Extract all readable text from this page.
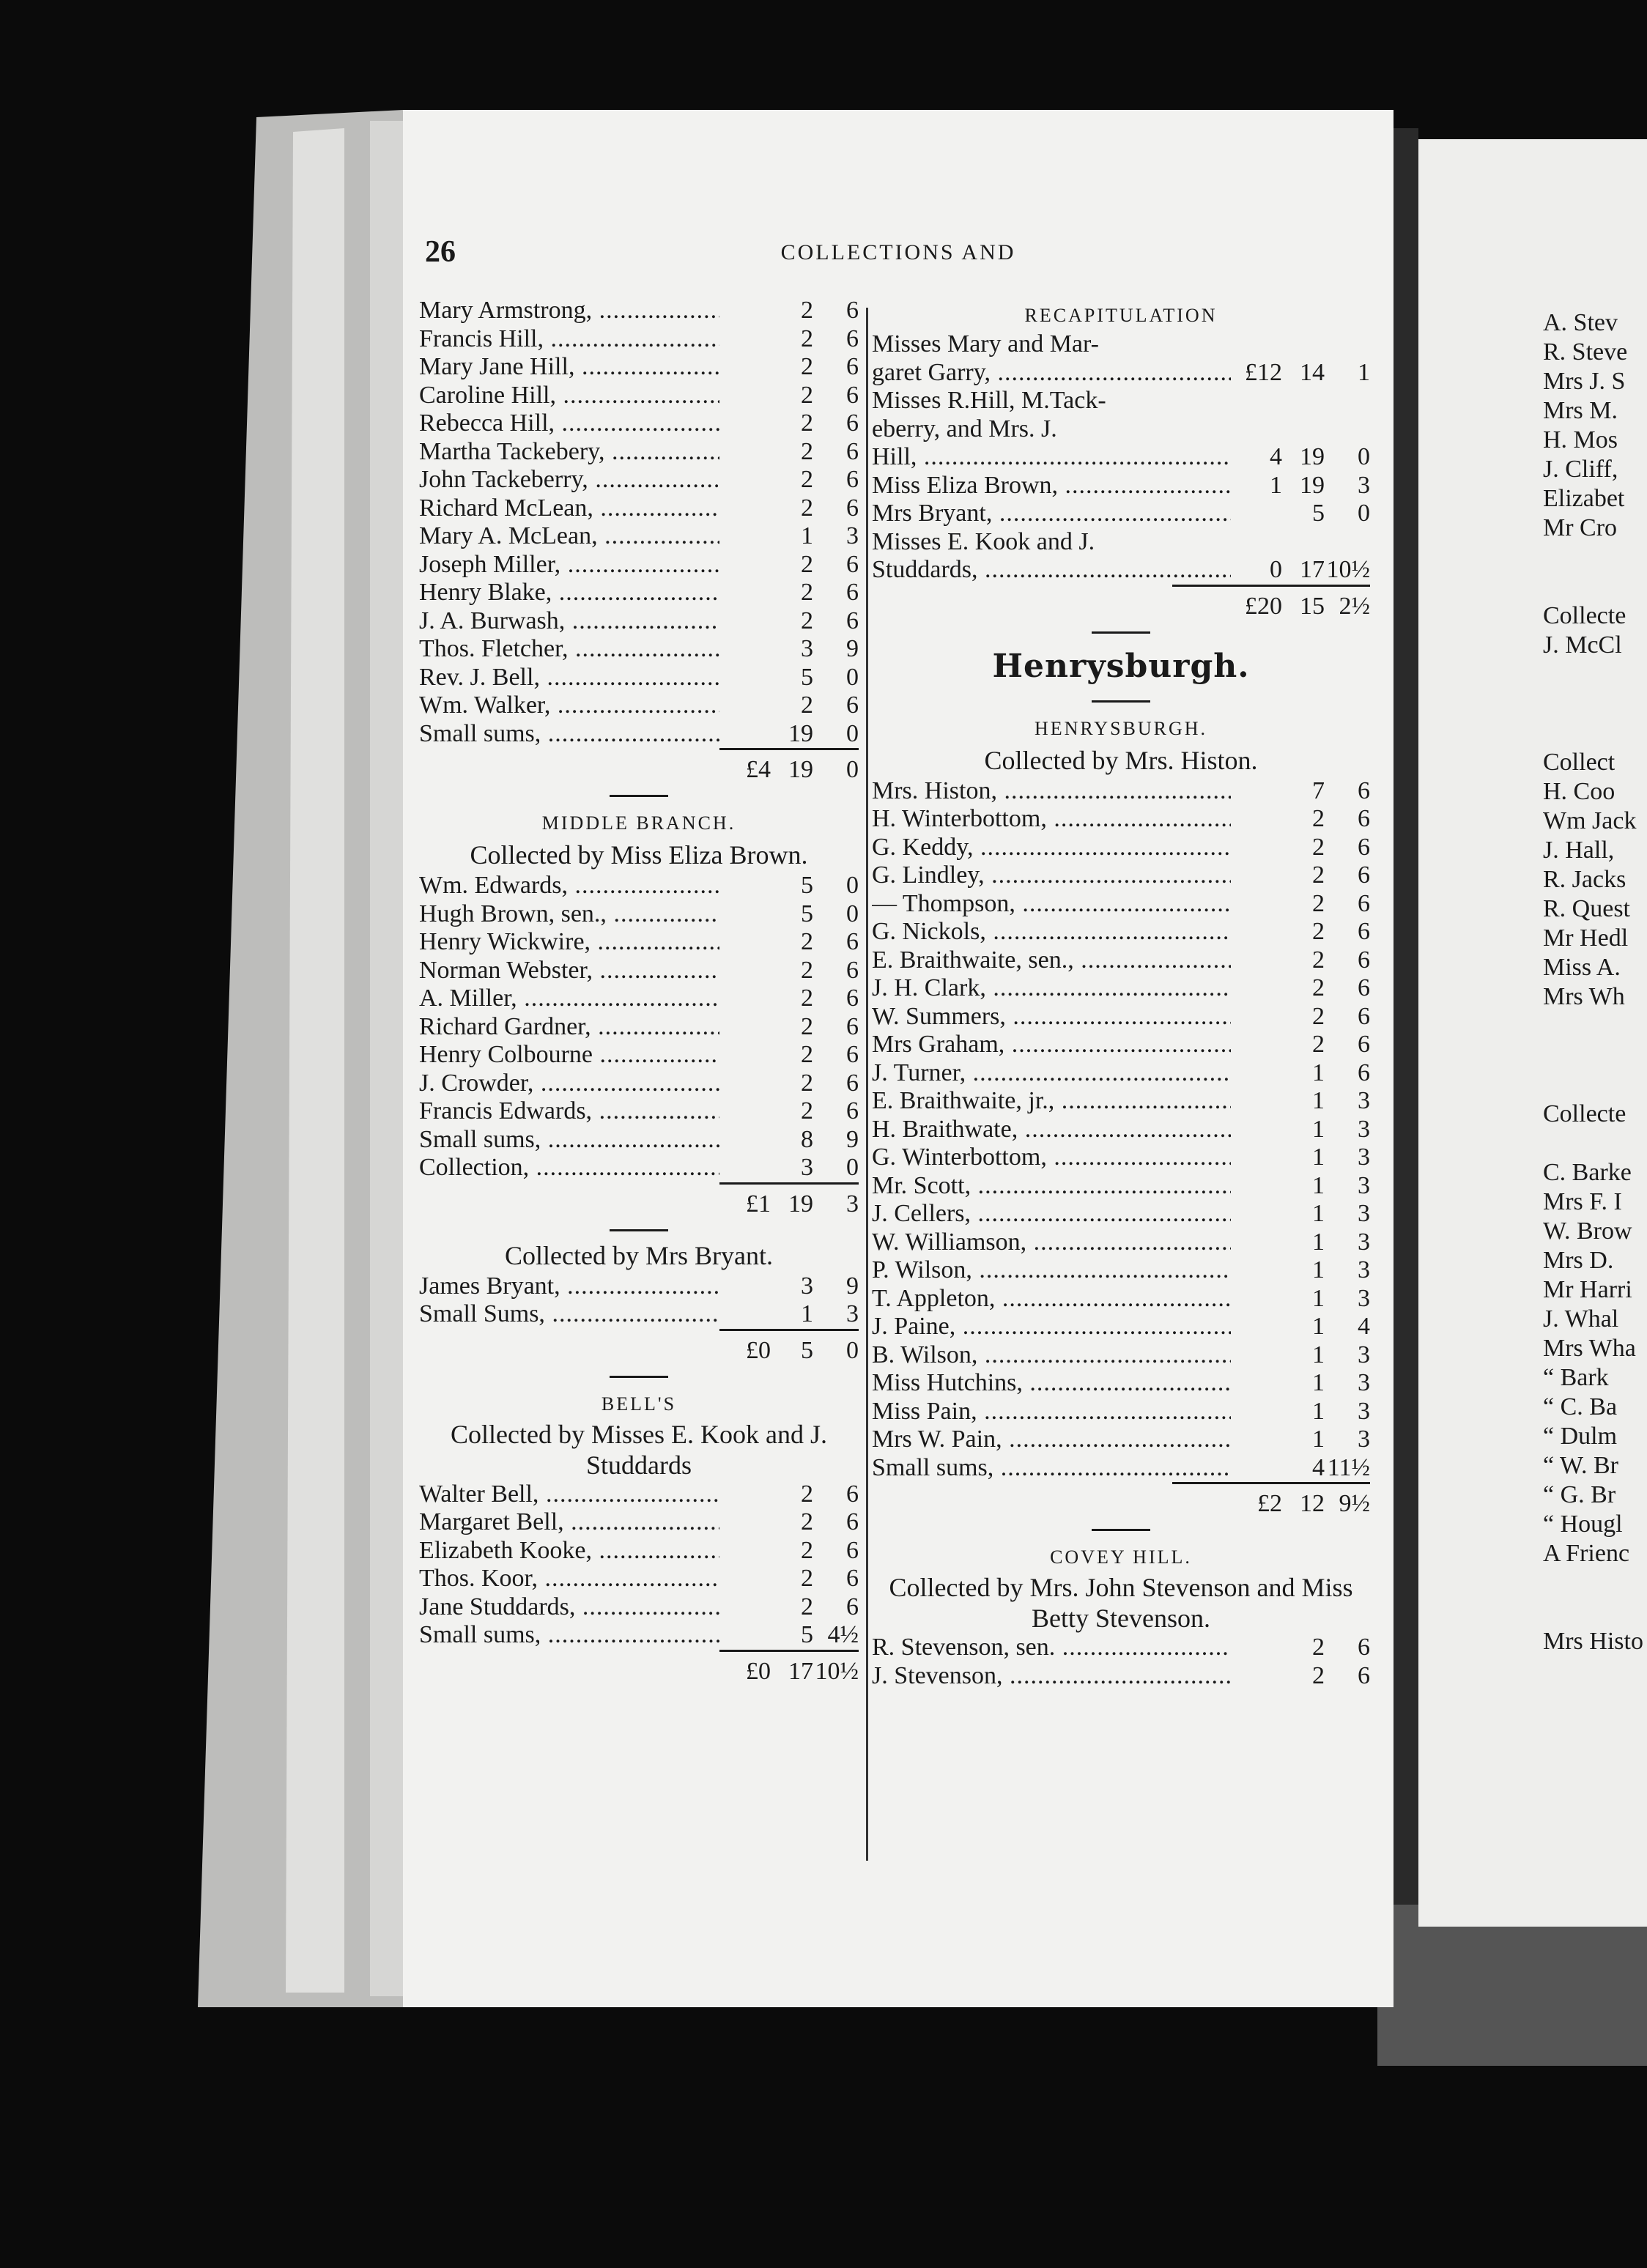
26	COLLECTIONS AND
Mary Armstrong, .....	2	6
Francis Hill, .....	2	6
Mary Jane Hill, .....	2	6
Caroline Hill, .....	2	6
Rebecca Hill, .....	2	6
Martha Tackebery, .....	2	6
John Tackeberry, .....	2	6
Richard McLean, .....	2	6
Mary A. McLean, .....	1	3
Joseph Miller, .....	2	6
Henry Blake, .....	2	6
J. A. Burwash, .....	2	6
Thos. Fletcher, .....	3	9
Rev. J. Bell, .....	5	0
Wm. Walker, .....	2	6
Small sums, .....	19	0
£4 19	0
MIDDLE BRANCH.
Collected by Miss Eliza Brown.
Wm. Edwards, .....	5	0
Hugh Brown, sen., .....	5	0
Henry Wickwire, .....	2	6
Norman Webster, .....	2	6
A. Miller, .....	2	6
Richard Gardner, .....	2	6
Henry Colbourne .....	2	6
J. Crowder, .....	2	6
Francis Edwards, .....	2	6
Small sums, .....	8	9
Collection, .....	3	0
£1 19	3
Collected by Mrs Bryant.
James Bryant, .....	3	9
Small Sums, .....	1	3
£0	5	0
BELL'S
Collected by Misses E. Kook and J. Studdards
Walter Bell, .....	2	6
Margaret Bell, .....	2	6
Elizabeth Kooke, .....	2	6
Thos. Koor, .....	2	6
Jane Studdards, .....	2	6
Small sums, .....	5 4½
£0 17 10½
RECAPITULATION
Misses Mary and Mar-
garet Garry, .....	£12 14	1
Misses R.Hill, M.Tack-
eberry, and Mrs. J.
Hill, .....	4 19	0
Miss Eliza Brown, .....	1 19	3
Mrs Bryant, .....	5	0
Misses E. Kook and J.
Studdards, .....	0 17 10½
£20 15 2½
Henrysburgh.
HENRYSBURGH.
Collected by Mrs. Histon.
Mrs. Histon, .....	7	6
H. Winterbottom, .....	2	6
G. Keddy, .....	2	6
G. Lindley, .....	2	6
— Thompson, .....	2	6
G. Nickols, .....	2	6
E. Braithwaite, sen., .....	2	6
J. H. Clark, .....	2	6
W. Summers, .....	2	6
Mrs Graham, .....	2	6
J. Turner, .....	1	6
E. Braithwaite, jr., .....	1	3
H. Braithwate, .....	1	3
G. Winterbottom, .....	1	3
Mr. Scott, .....	1	3
J. Cellers, .....	1	3
W. Williamson, .....	1	3
P. Wilson, .....	1	3
T. Appleton, .....	1	3
J. Paine, .....	1	4
B. Wilson, .....	1	3
Miss Hutchins, .....	1	3
Miss Pain, .....	1	3
Mrs W. Pain, .....	1	3
Small sums, .....	4 11½
£2 12 9½
COVEY HILL.
Collected by Mrs. John Stevenson and Miss Betty Stevenson.
R. Stevenson, sen. .....	2	6
J. Stevenson, .....	2	6
A. Stev
R. Steve
Mrs J. S
Mrs M.
H. Mos
J. Cliff,
Elizabet
Mr Cro
Collecte
J. McCl
Collect
H. Coo
Wm Jack
J. Hall,
R. Jacks
R. Quest
Mr Hedl
Miss A.
Mrs Wh
Collecte
C. Barke
Mrs F. I
W. Brow
Mrs D.
Mr Harri
J. Whal
Mrs Wha
“ Bark
“ C. Ba
“ Dulm
“ W. Br
“ G. Br
“ Hougl
A Frienc
Mrs Histo
